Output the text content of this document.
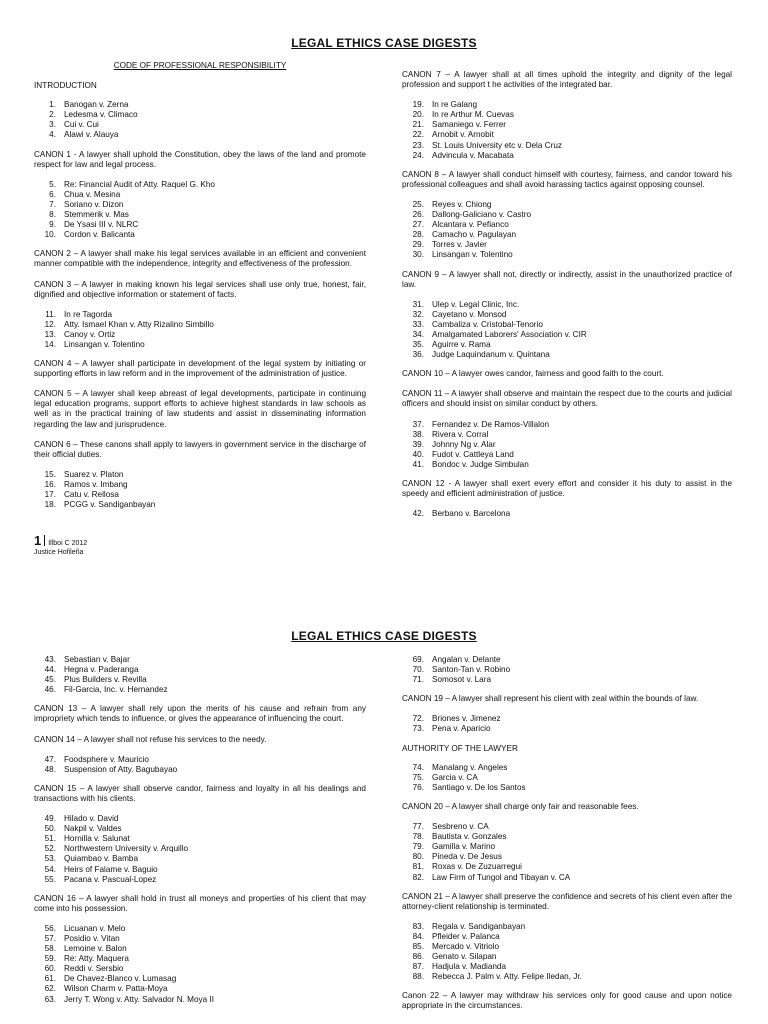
LEGAL ETHICS CASE DIGESTS
CODE OF PROFESSIONAL RESPONSIBILITY
INTRODUCTION
1. Banogan v. Zerna
2. Ledesma v. Climaco
3. Cui v. Cui
4. Alawi v. Alauya
CANON 1 - A lawyer shall uphold the Constitution, obey the laws of the land and promote respect for law and legal process.
5. Re: Financial Audit of Atty. Raquel G. Kho
6. Chua v. Mesina
7. Soriano v. Dizon
8. Stemmerik v. Mas
9. De Ysasi III v. NLRC
10. Cordon v. Balicanta
CANON 2 – A lawyer shall make his legal services available in an efficient and convenient manner compatible with the independence, integrity and effectiveness of the profession.
CANON 3 – A lawyer in making known his legal services shall use only true, honest, fair, dignified and objective information or statement of facts.
11. In re Tagorda
12. Atty. Ismael Khan v. Atty Rizalino Simbillo
13. Canoy v. Ortiz
14. Linsangan v. Tolentino
CANON 4 – A lawyer shall participate in development of the legal system by initiating or supporting efforts in law reform and in the improvement of the administration of justice.
CANON 5 – A lawyer shall keep abreast of legal developments, participate in continuing legal education programs, support efforts to achieve highest standards in law schools as well as in the practical training of law students and assist in disseminating information regarding the law and jurisprudence.
CANON 6 – These canons shall apply to lawyers in government service in the discharge of their official duties.
15. Suarez v. Platon
16. Ramos v. Imbang
17. Catu v. Rellosa
18. PCGG v. Sandiganbayan
CANON 7 – A lawyer shall at all times uphold the integrity and dignity of the legal profession and support t he activities of the integrated bar.
19. In re Galang
20. In re Arthur M. Cuevas
21. Samaniego v. Ferrer
22. Arnobit v. Arnobit
23. St. Louis University etc v. Dela Cruz
24. Advincula v. Macabata
CANON 8 – A lawyer shall conduct himself with courtesy, fairness, and candor toward his professional colleagues and shall avoid harassing tactics against opposing counsel.
25. Reyes v. Chiong
26. Dallong-Galiciano v. Castro
27. Alcantara v. Pefianco
28. Camacho v. Pagulayan
29. Torres v. Javier
30. Linsangan v. Tolentino
CANON 9 – A lawyer shall not, directly or indirectly, assist in the unauthorized practice of law.
31. Ulep v. Legal Clinic, Inc.
32. Cayetano v. Monsod
33. Cambaliza v. Cristobal-Tenorio
34. Amalgamated Laborers' Association v. CIR
35. Aguirre v. Rama
36. Judge Laquindanum v. Quintana
CANON 10 – A lawyer owes candor, fairness and good faith to the court.
CANON 11 – A lawyer shall observe and maintain the respect due to the courts and judicial officers and should insist on similar conduct by others.
37. Fernandez v. De Ramos-Villalon
38. Rivera v. Corral
39. Johnny Ng v. Alar
40. Fudot v. Cattleya Land
41. Bondoc v. Judge Simbulan
CANON 12 - A lawyer shall exert every effort and consider it his duty to assist in the speedy and efficient administration of justice.
42. Berbano v. Barcelona
1 Illboi C 2012
Justice Hofileña
LEGAL ETHICS CASE DIGESTS
43. Sebastian v. Bajar
44. Hegna v. Paderanga
45. Plus Builders v. Revilla
46. Fil-Garcia, Inc. v. Hernandez
CANON 13 – A lawyer shall rely upon the merits of his cause and refrain from any impropriety which tends to influence, or gives the appearance of influencing the court.
CANON 14 – A lawyer shall not refuse his services to the needy.
47. Foodsphere v. Mauricio
48. Suspension of Atty. Bagubayao
CANON 15 – A lawyer shall observe candor, fairness and loyalty in all his dealings and transactions with his clients.
49. Hilado v. David
50. Nakpil v. Valdes
51. Hornilla v. Salunat
52. Northwestern University v. Arquillo
53. Quiambao v. Bamba
54. Heirs of Falame v. Baguio
55. Pacana v. Pascual-Lopez
CANON 16 – A lawyer shall hold in trust all moneys and properties of his client that may come into his possession.
56. Licuanan v. Melo
57. Posidio v. Vitan
58. Lemoine v. Balon
59. Re: Atty. Maquera
60. Reddi v. Sersbio
61. De Chavez-Blanco v. Lumasag
62. Wilson Charm v. Patta-Moya
63. Jerry T. Wong v. Atty. Salvador N. Moya II
69. Angalan v. Delante
70. Santon-Tan v. Robino
71. Somosot v. Lara
CANON 19 – A lawyer shall represent his client with zeal within the bounds of law.
72. Briones v. Jimenez
73. Pena v. Aparicio
AUTHORITY OF THE LAWYER
74. Manalang v. Angeles
75. Garcia v. CA
76. Santiago v. De los Santos
CANON 20 – A lawyer shall charge only fair and reasonable fees.
77. Sesbreno v. CA
78. Bautista v. Gonzales
79. Gamilla v. Marino
80. Pineda v. De Jesus
81. Roxas v. De Zuzuarregui
82. Law Firm of Tungol and Tibayan v. CA
CANON 21 – A lawyer shall preserve the confidence and secrets of his client even after the attorney-client relationship is terminated.
83. Regala v. Sandiganbayan
84. Pfleider v. Palanca
85. Mercado v. Vitriolo
86. Genato v. Silapan
87. Hadjula v. Madianda
88. Rebecca J. Palm v. Atty. Felipe Iledan, Jr.
Canon 22 – A lawyer may withdraw his services only for good cause and upon notice appropriate in the circumstances.
